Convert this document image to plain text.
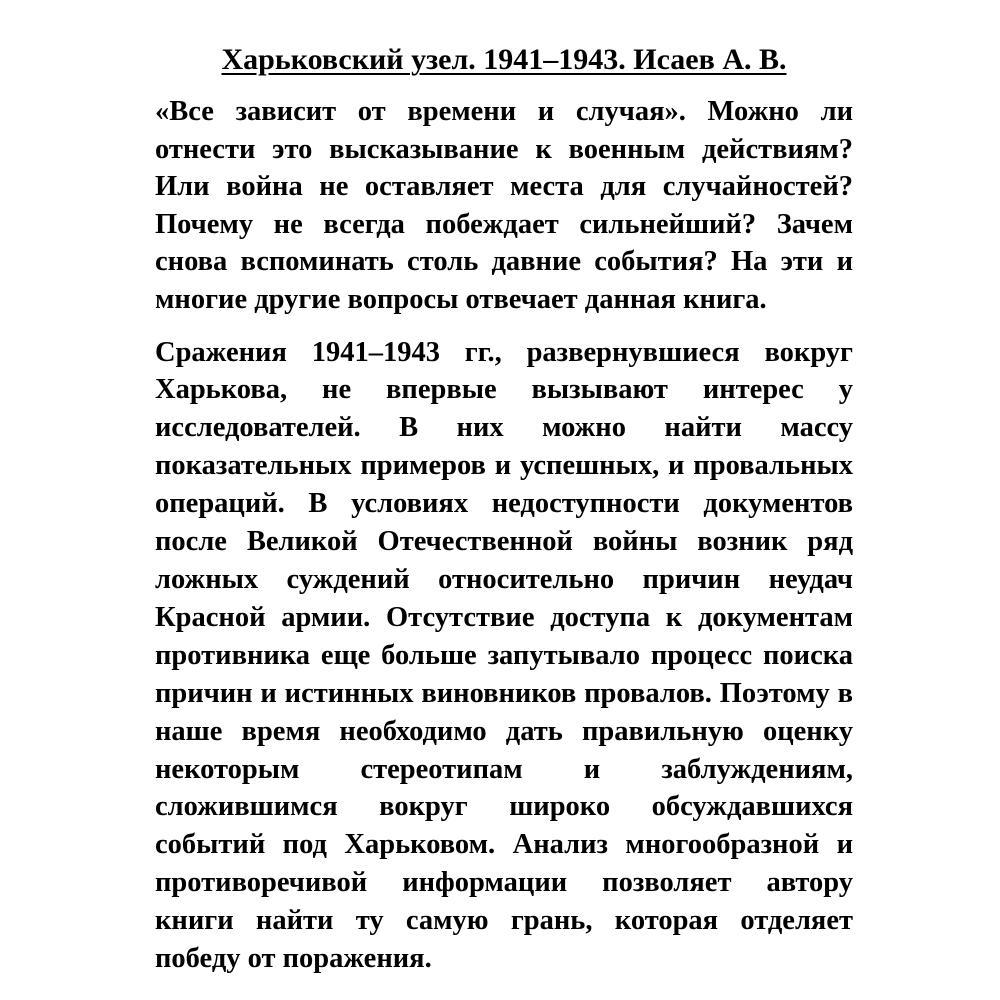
Харьковский узел. 1941–1943. Исаев А. В.

«Все зависит от времени и случая». Можно ли отнести это высказывание к военным действиям? Или война не оставляет места для случайностей? Почему не всегда побеждает сильнейший? Зачем снова вспоминать столь давние события? На эти и многие другие вопросы отвечает данная книга.

Сражения 1941–1943 гг., развернувшиеся вокруг Харькова, не впервые вызывают интерес у исследователей. В них можно найти массу показательных примеров и успешных, и провальных операций. В условиях недоступности документов после Великой Отечественной войны возник ряд ложных суждений относительно причин неудач Красной армии. Отсутствие доступа к документам противника еще больше запутывало процесс поиска причин и истинных виновников провалов. Поэтому в наше время необходимо дать правильную оценку некоторым стереотипам и заблуждениям, сложившимся вокруг широко обсуждавшихся событий под Харьковом. Анализ многообразной и противоречивой информации позволяет автору книги найти ту самую грань, которая отделяет победу от поражения.
